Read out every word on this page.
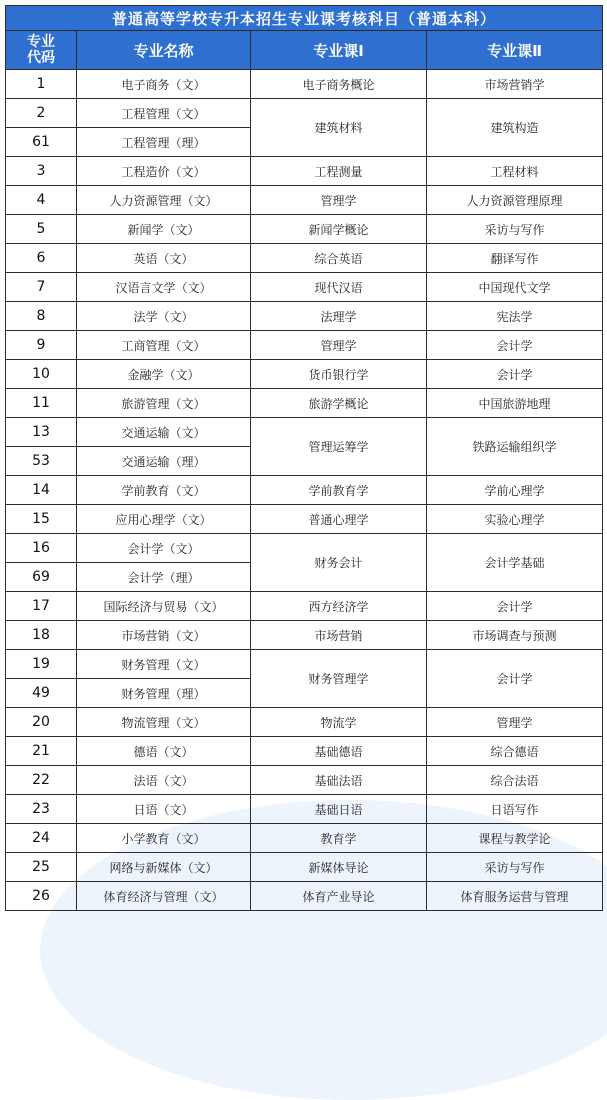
普通高等学校专升本招生专业课考核科目（普通本科）			

专业
代码	专业名称	专业课Ⅰ	专业课Ⅱ
1	电子商务（文）	电子商务概论	市场营销学
2	工程管理（文）	建筑材料	建筑构造
61	工程管理（理）		
3	工程造价（文）	工程测量	工程材料
4	人力资源管理（文）	管理学	人力资源管理原理
5	新闻学（文）	新闻学概论	采访与写作
6	英语（文）	综合英语	翻译写作
7	汉语言文学（文）	现代汉语	中国现代文学
8	法学（文）	法理学	宪法学
9	工商管理（文）	管理学	会计学
10	金融学（文）	货币银行学	会计学
11	旅游管理（文）	旅游学概论	中国旅游地理
13	交通运输（文）	管理运筹学	铁路运输组织学
53	交通运输（理）		
14	学前教育（文）	学前教育学	学前心理学
15	应用心理学（文）	普通心理学	实验心理学
16	会计学（文）	财务会计	会计学基础
69	会计学（理）		
17	国际经济与贸易（文）	西方经济学	会计学
18	市场营销（文）	市场营销	市场调查与预测
19	财务管理（文）	财务管理学	会计学
49	财务管理（理）		
20	物流管理（文）	物流学	管理学
21	德语（文）	基础德语	综合德语
22	法语（文）	基础法语	综合法语
23	日语（文）	基础日语	日语写作
24	小学教育（文）	教育学	课程与教学论
25	网络与新媒体（文）	新媒体导论	采访与写作
26	体育经济与管理（文）	体育产业导论	体育服务运营与管理
